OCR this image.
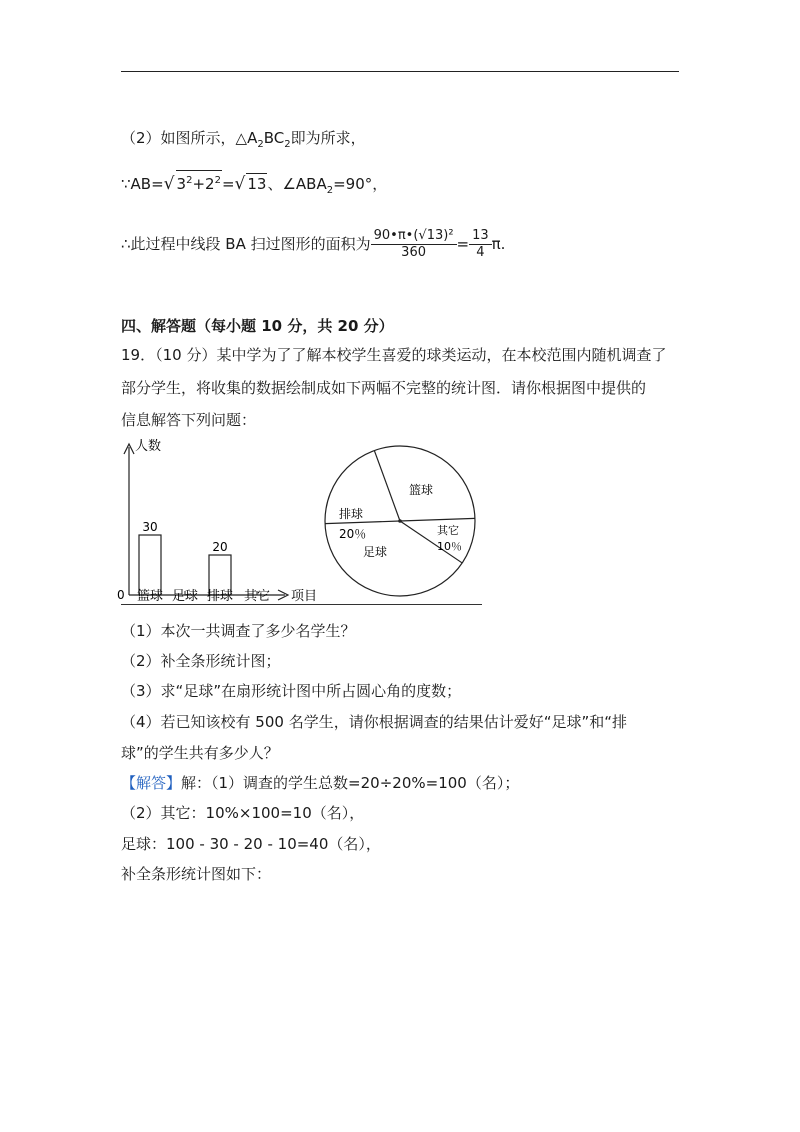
（2）如图所示，$\triangle A_2BC_2$即为所求，
∵AB=√ $3^2+2^2=√$ 13、$\angle ABA_2=90^\circ$，
∴此过程中线段 BA 扫过图形的面积为 $\frac{\text{90•π•(√13)²}}{360} = \frac{13}{4} \pi$.
四、解答题（每小题 10 分，共 20 分）
19．（10 分）某中学为了了解本校学生喜爱的球类运动，在本校范围内随机调查了
部分学生，将收集的数据绘制成如下两幅不完整的统计图．请你根据图中提供的
信息解答下列问题：
人数
0	项目
30
篮球 足球
20
排球 其它
排球
20％
篮球
足球
其它
10％
（1）本次一共调查了多少名学生？
（2）补全条形统计图；
（3）求“足球”在扇形统计图中所占圆心角的度数；
（4）若已知该校有 500 名学生，请你根据调查的结果估计爱好“足球”和“排
球”的学生共有多少人？
【解答】解：（1）调查的学生总数=20÷20%=100（名）；
（2）其它：10%×100=10（名），
足球：100 - 30 - 20 - 10=40（名），
补全条形统计图如下：
